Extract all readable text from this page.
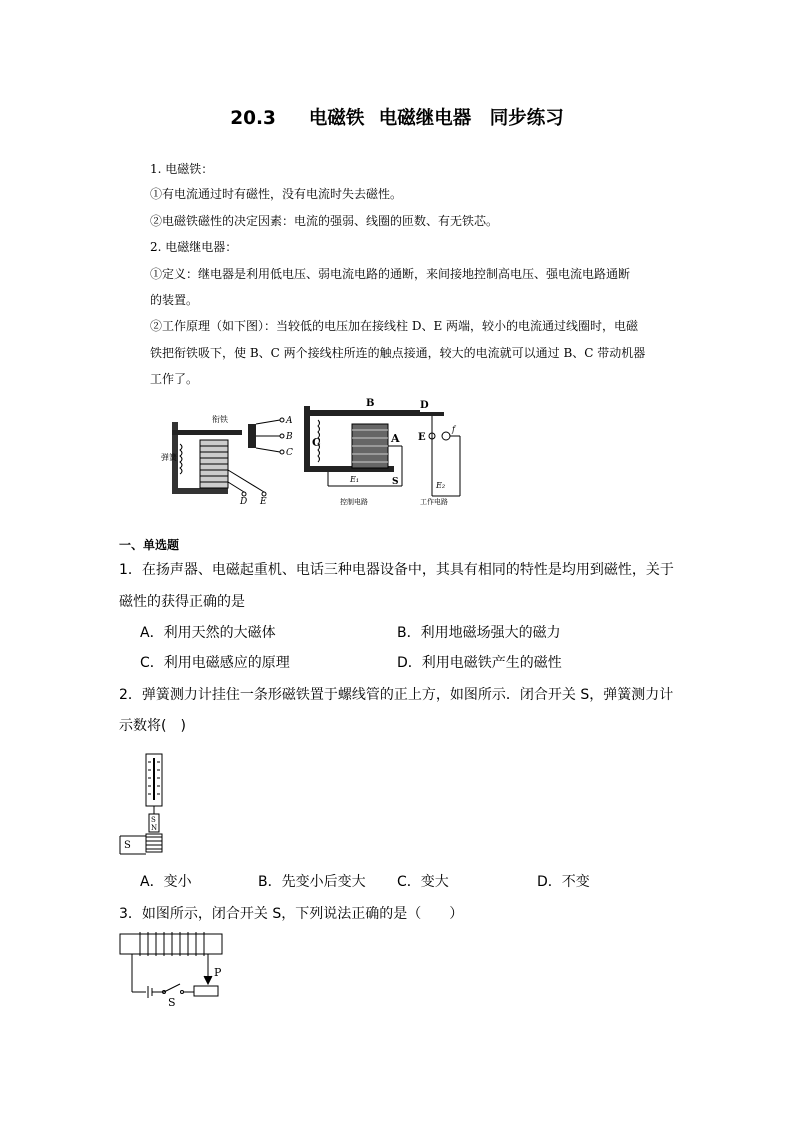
20.3　 电磁铁 电磁继电器　同步练习
1. 电磁铁：
①有电流通过时有磁性，没有电流时失去磁性。
②电磁铁磁性的决定因素：电流的强弱、线圈的匝数、有无铁芯。
2. 电磁继电器：
①定义：继电器是利用低电压、弱电流电路的通断，来间接地控制高电压、强电流电路通断
的装置。
②工作原理（如下图）：当较低的电压加在接线柱 D、E 两端，较小的电流通过线圈时，电磁
铁把衔铁吸下，使 B、C 两个接线柱所连的触点接通，较大的电流就可以通过 B、C 带动机器
工作了。
弹簧
衔铁	A
B
C
D E
B
C	A
D
E
S
E₁
E₂
f
控制电路	工作电路
一、单选题
1．在扬声器、电磁起重机、电话三种电器设备中，其具有相同的特性是均用到磁性，关于
磁性的获得正确的是
A．利用天然的大磁体	B．利用地磁场强大的磁力
C．利用电磁感应的原理	D．利用电磁铁产生的磁性
2．弹簧测力计挂住一条形磁铁置于螺线管的正上方，如图所示．闭合开关 S，弹簧测力计
示数将(　)
S
N
S
A．变小	B．先变小后变大 C．变大	D．不变
3．如图所示，闭合开关 S，下列说法正确的是（　　）
P
S
